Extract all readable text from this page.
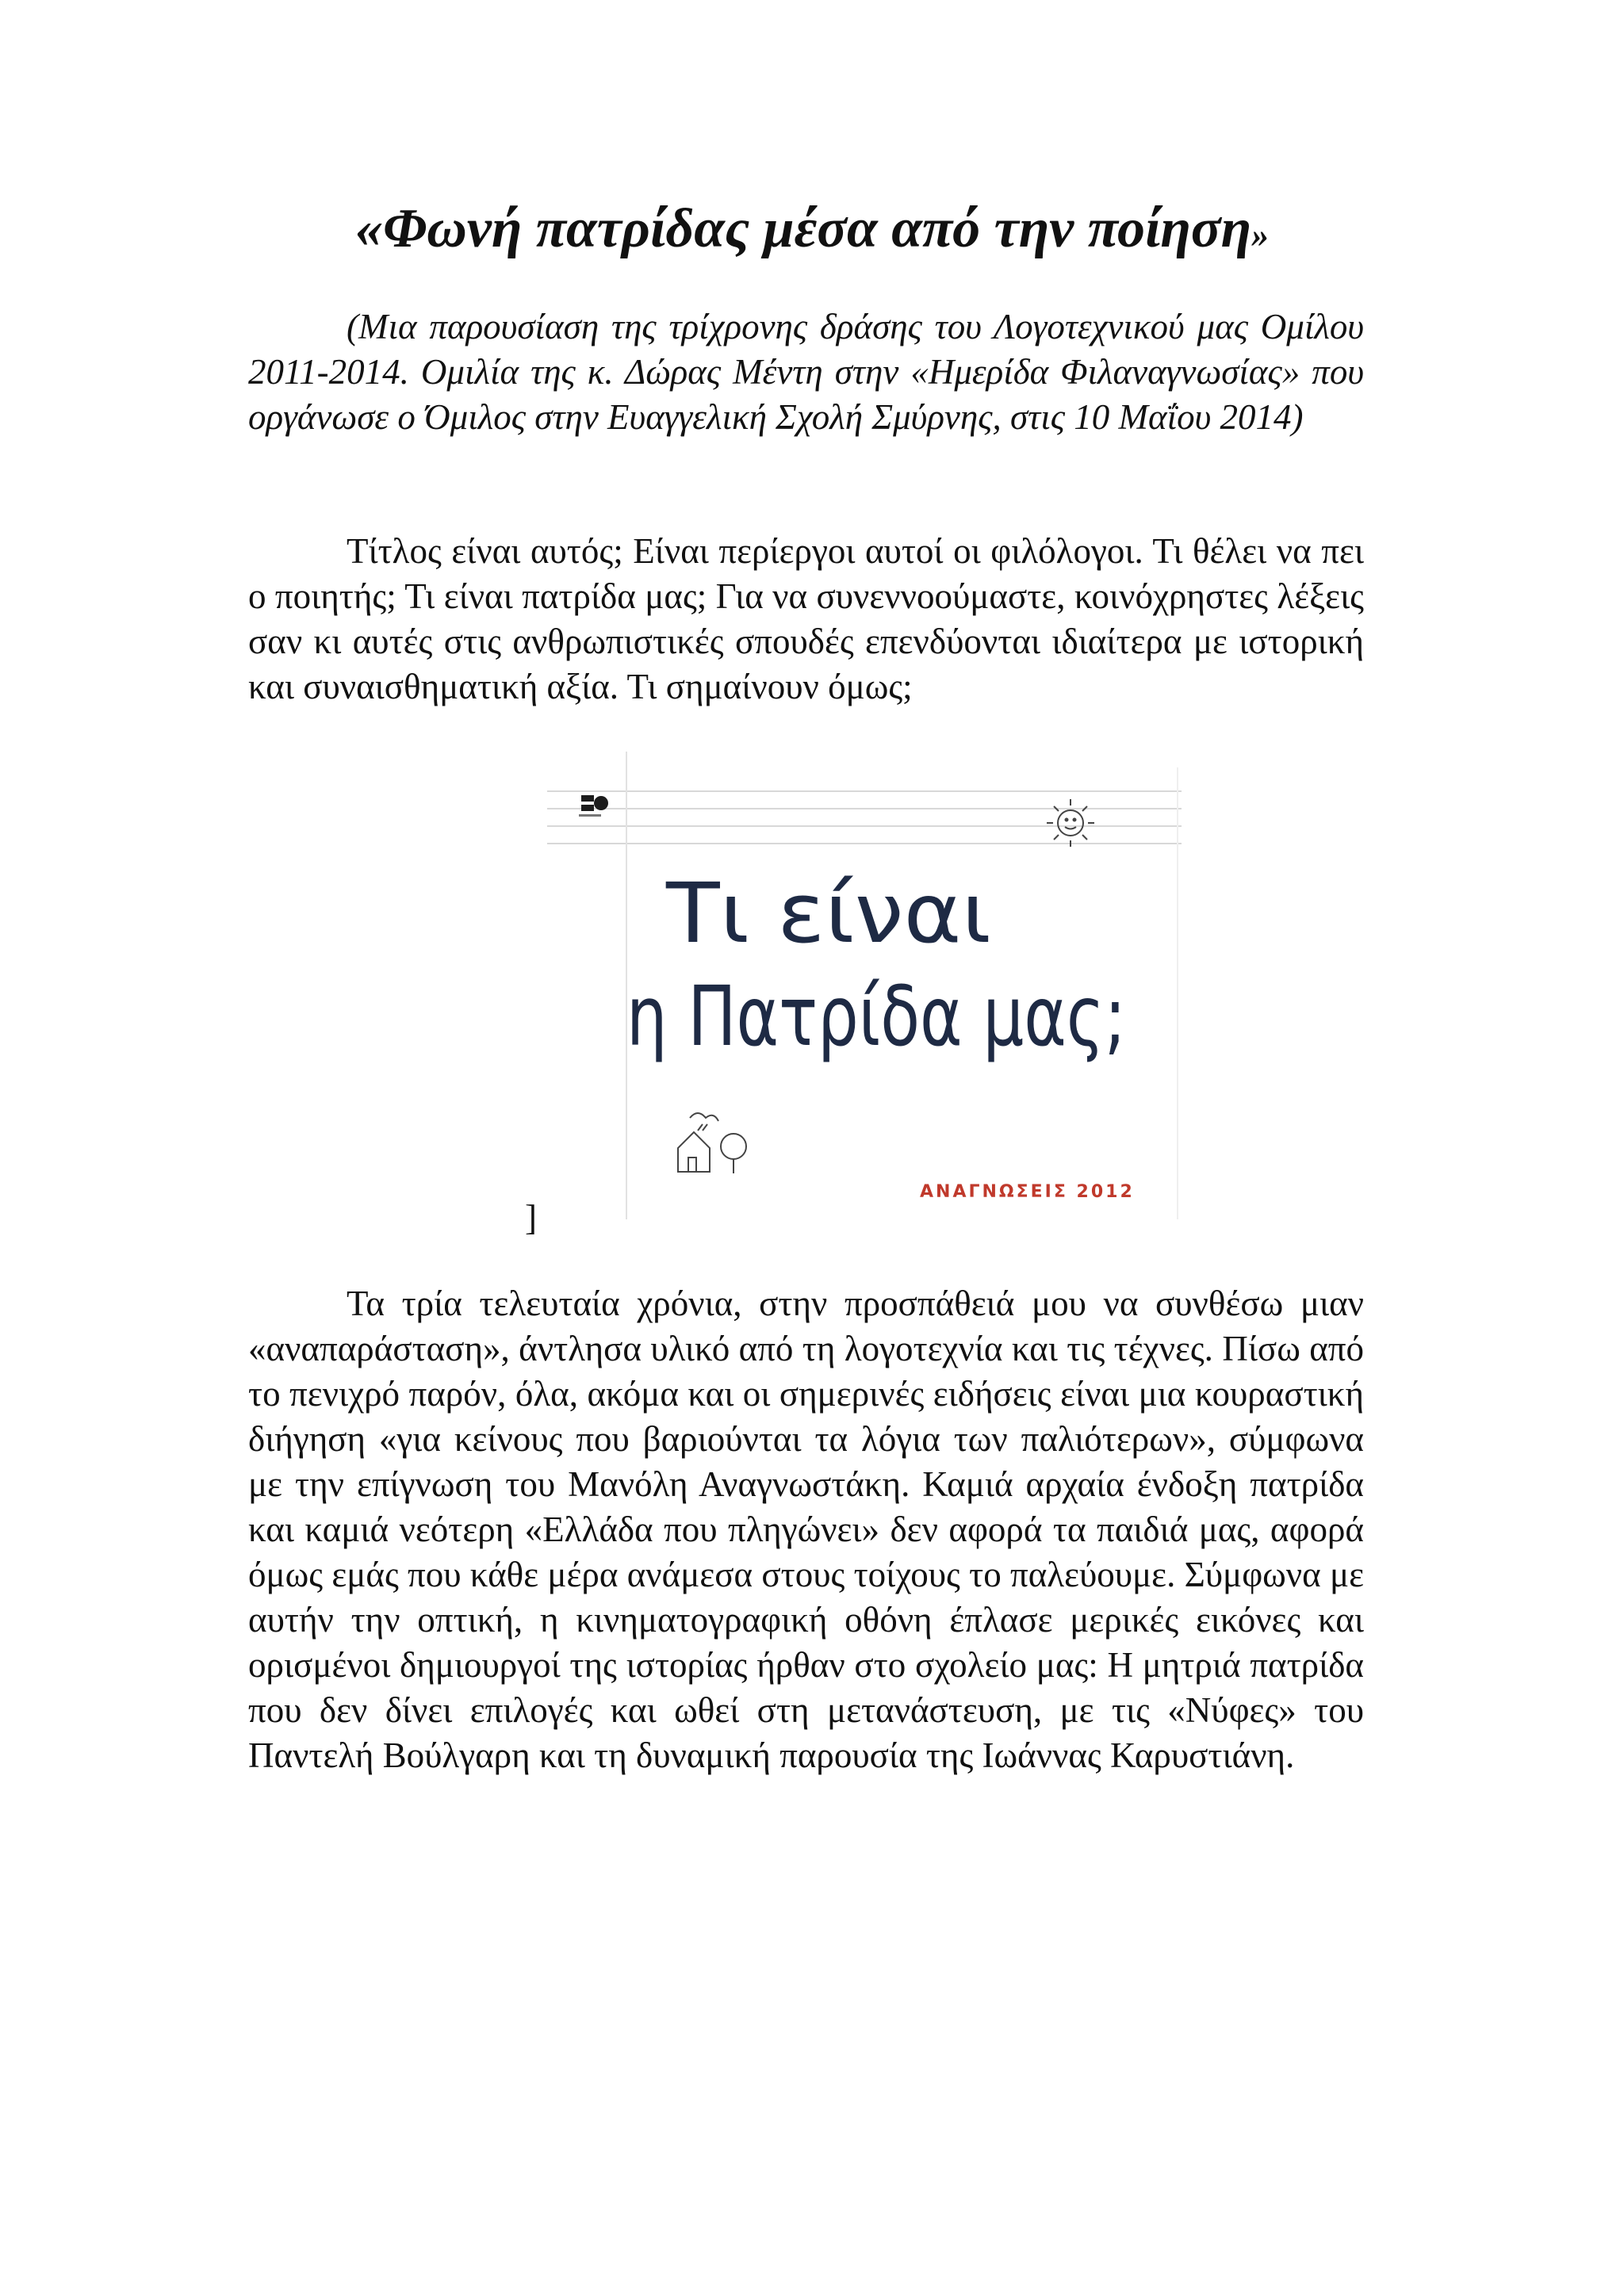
«Φωνή πατρίδας μέσα από την ποίηση»

(Μια παρουσίαση της τρίχρονης δράσης του Λογοτεχνικού μας Ομίλου 2011-2014. Ομιλία της κ. Δώρας Μέντη στην «Ημερίδα Φιλαναγνωσίας» που οργάνωσε ο Όμιλος στην Ευαγγελική Σχολή Σμύρνης, στις 10 Μαΐου 2014)

Τίτλος είναι αυτός; Είναι περίεργοι αυτοί οι φιλόλογοι. Τι θέλει να πει ο ποιητής; Τι είναι πατρίδα μας; Για να συνεννοούμαστε, κοινόχρηστες λέξεις σαν κι αυτές στις ανθρωπιστικές σπουδές επενδύονται ιδιαίτερα με ιστορική και συναισθηματική αξία. Τι σημαίνουν όμως;

Τι είναι
η Πατρίδα μας;
ΑΝΑΓΝΩΣΕΙΣ 2012
]

Τα τρία τελευταία χρόνια, στην προσπάθειά μου να συνθέσω μιαν «αναπαράσταση», άντλησα υλικό από τη λογοτεχνία και τις τέχνες. Πίσω από το πενιχρό παρόν, όλα, ακόμα και οι σημερινές ειδήσεις είναι μια κουραστική διήγηση «για κείνους που βαριούνται τα λόγια των παλιότερων», σύμφωνα με την επίγνωση του Μανόλη Αναγνωστάκη. Καμιά αρχαία ένδοξη πατρίδα και καμιά νεότερη «Ελλάδα που πληγώνει» δεν αφορά τα παιδιά μας, αφορά όμως εμάς που κάθε μέρα ανάμεσα στους τοίχους το παλεύουμε. Σύμφωνα με αυτήν την οπτική, η κινηματογραφική οθόνη έπλασε μερικές εικόνες και ορισμένοι δημιουργοί της ιστορίας ήρθαν στο σχολείο μας: Η μητριά πατρίδα που δεν δίνει επιλογές και ωθεί στη μετανάστευση, με τις «Νύφες» του Παντελή Βούλγαρη και τη δυναμική παρουσία της Ιωάννας Καρυστιάνη.
